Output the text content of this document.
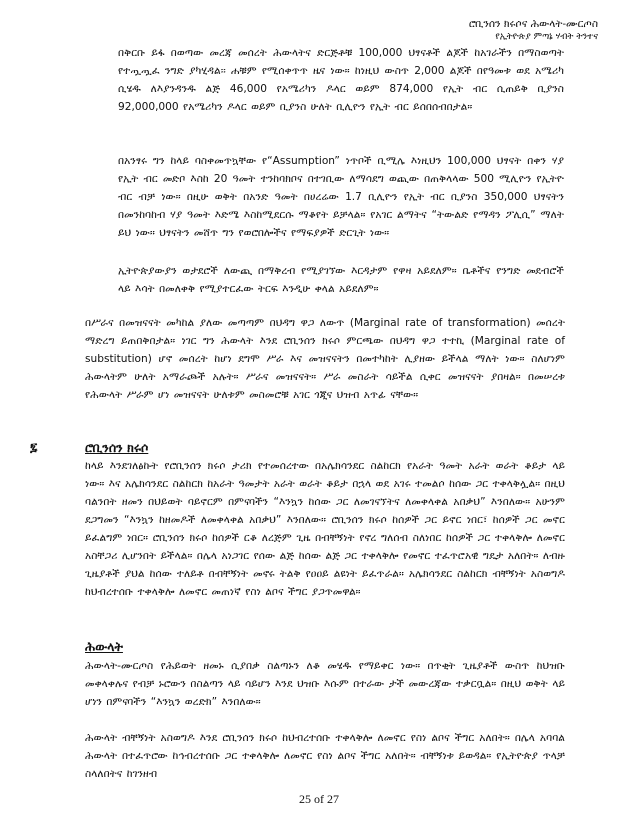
ሮቢንሰን ክሩሶና ሕውላት-ሙርጦስ
የኢትዮጵያ ምጣኔ ሃብት ትንተና
በቅርቡ ይፋ በወጣው መረጃ መሰረት ሕውላትና ድርጅቶቹ 100,000 ህፃናቶች ልጆች ከአገራችን በማስወጣት የተጧጧፈ ንግድ ያካሂዳል፡፡ ሐቹም የሚሰቀጥጥ ዜና ነው። ከነዚህ ውስጥ 2,000 ልጆች በየዓመቱ ወደ አሜሪካ ሲሄዱ ለእያንዳንዱ ልጅ 46,000 የአሜሪካን ዶላር ወይም 874,000 የኢት ብር ሲጠይቅ ቢያንስ 92,000,000 የአሜሪካን ዶላር ወይም ቢያንስ ሁለት ቢሊዮን የኢት ብር ይሰበሰብበታል።
በአንፃሩ ግን ከላይ ባስቀመጥኳቸው የ“Assumption” ነጥቦች ቢሚሌ እነዚህን 100,000 ህፃናት በቀን ሃያ የኢት ብር መድቦ እስከ 20 ዓመት ተንከባክቦና በተገቢው ለማሳደግ ወጪው በጠቅላላው 500 ሚሊዮን የኢትዮ ብር ብቻ ነው። በዚሁ ወቅት በአንድ ዓመት በሀረሬው 1.7 ቢሊዮን የኢት ብር ቢያንስ 350,000 ህፃናትን በመንከባከብ ሃያ ዓመት እድሜ እስከሚደርሱ ማቆየት ይቻላል። የአገር ልማትና “ትውልድ የማዳን ፖሊሲ” ማለት ይህ ነው። ህፃናትን መሸጥ ግን የወሮበሎችና የማፍያዎች ድርጊት ነው።
ኢትዮጵያውያን ወታደሮች ለውጪ በማቅረብ የሚያገኘው እርዳታም የዋዛ አይደለም። ቤቶችና የንግድ መደብሮች ላይ እሳት በመለቀቅ የሚያተርፈው ትርፍ እንዲሁ ቀላል አይደለም።
በሥራና በመዝናናት መካከል ያለው መጣጣም በህዳግ ዋጋ ለውጥ (Marginal rate of transformation) መሰረት ማድረግ ይጠበቅበታል። ነገር ግን ሕውላት እንደ ሮቢንሰን ክሩሶ ምርጫው በህዳግ ዋጋ ተተኪ (Marginal rate of substitution) ሆኖ መሰረት ከሆነ ደግሞ ሥራ እና መዝናናትን በመተካከት ሊያዘው ይችላል ማለት ነው። ስለሆነም ሕውላትም ሁለት አማራጮች አሉት። ሥራና መዝናናት። ሥራ መስራት ሳይችል ሲቀር መዝናናት ያበዛል። በመሠረቱ የሕውላት ሥራም ሆነ መዝናናት ሁለቱም መስመሮቹ አገር ጎጂና ህዝብ አጥፊ ናቸው።
፯	ሮቢንሰን ክሩሶ
ከላይ እንደገለፅኩት የሮቢንሰን ክሩሶ ታሪክ የተመሰረተው በአሌክሳንደር ስልከርክ የአራት ዓመት አራት ወራት ቆይታ ላይ ነው። እና አሌክሳንደር ስልከርክ ከአራት ዓመታት አራት ወራት ቆይታ በኋላ ወደ አገሩ ተመልሶ ከሰው ጋር ተቀላቅሏል። በዚህ ባልንበት ዘመን በህይወት ባይኖርም በምናባችን “እንኳን ከሰው ጋር ለመገናኘትና ለመቀላቀል አበቃህ” እንበለው። አሁንም ደጋግመን “እንኳን ከዘመዶች ለመቀላቀል አበቃህ” እንበለው። ሮቢንሰን ክሩሶ ከሰዎች ጋር ይኖር ነበር፣ ከሰዎች ጋር መኖር ይፈልግም ነበር። ሮቢንሰን ክሩሶ ከሰዎች ርቆ ለረጅም ጊዜ በብቸኝነት የኖረ ግለሰብ ስለነበር ከሰዎች ጋር ተቀላቅሎ ለመኖር አስቸጋሪ ሊሆንበት ይችላል። በሌላ አነጋገር የሰው ልጅ ከሰው ልጅ ጋር ተቀላቅሎ የመኖር ተፈጥሮአዊ ግዴታ አለበት። ለብዙ ጊዜያቶች ያህል ከሰው ተለይቶ በብቸኝነት መኖሩ ትልቅ የዐዐይ ልዩነት ይፈጥራል። አሌክሳንደር ስልከርክ ብቸኝነት አስወግዶ ከህብረተሰቡ ተቀላቅሎ ለመኖር መጠነኛ የስነ ልቦና ችግር ያጋጥመዋል።
ሕውላት
ሕውላት-ሙርጦስ የሕይወት ዘመኑ ሲያበቃ ስልጣኑን ለቆ መሄዱ የማይቀር ነው። በጥቂት ጊዜያቶች ውስጥ ከህዝቡ መቀላቀሉና የብቻ ኑሮውን በስልጣን ላይ ሳይሆን እንደ ህዝቡ እሱም በተራው ታች መውረጃው ተቃርቧል። በዚህ ወቅት ላይ ሆነን በምናባችን “እንኳን ወረድክ” እንበለው።
ሕውላት ብቸኝነት አስወግዶ እንደ ሮቢንሰን ክሩሶ ከህብረተሰቡ ተቀላቅሎ ለመኖር የስነ ልቦና ችግር አለበት። በሌላ አባባል ሕውላት በተፈጥሮው ከኅብረተሰቡ ጋር ተቀላቅሎ ለመኖር የስነ ልቦና ችግር አለበት። ብቸኝነቱ ይወዳል። የኢትዮጵያ ጥላቻ ስላለበትና ከገንዘብ
25 of 27
